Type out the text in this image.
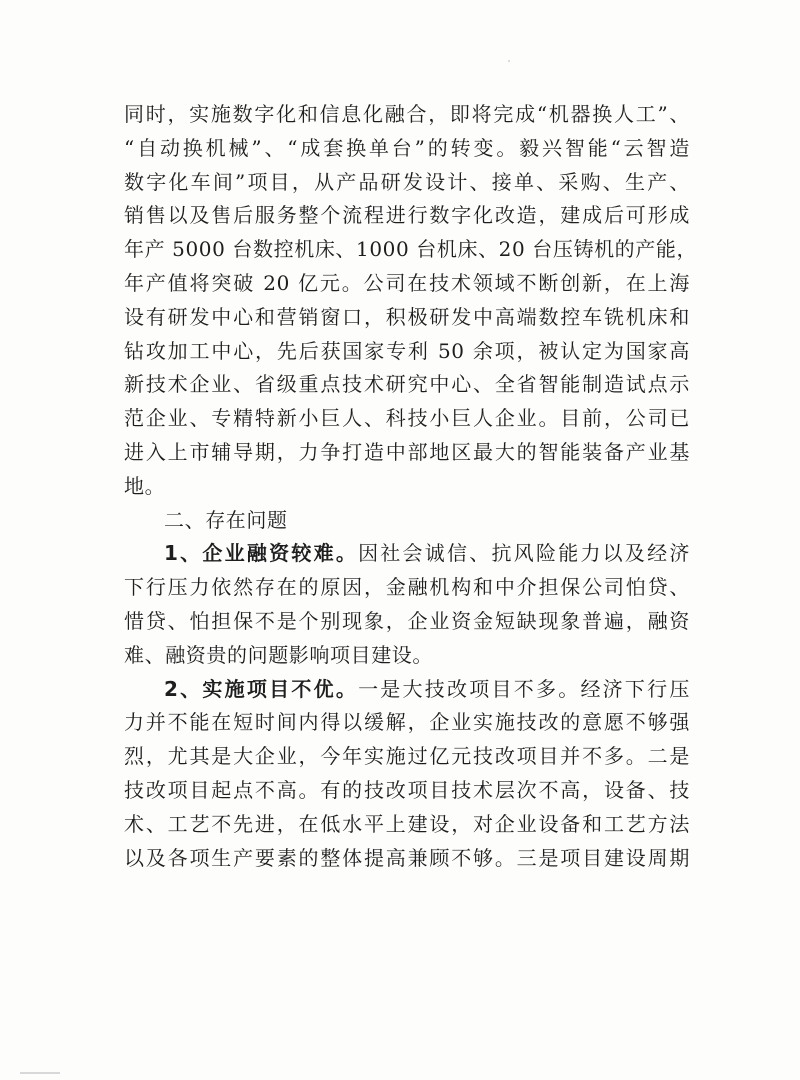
同时，实施数字化和信息化融合，即将完成“机器换人工”、
“自动换机械”、“成套换单台”的转变。毅兴智能“云智造
数字化车间”项目，从产品研发设计、接单、采购、生产、
销售以及售后服务整个流程进行数字化改造，建成后可形成
年产 5000 台数控机床、1000 台机床、20 台压铸机的产能，
年产值将突破 20 亿元。公司在技术领域不断创新，在上海
设有研发中心和营销窗口，积极研发中高端数控车铣机床和
钻攻加工中心，先后获国家专利 50 余项，被认定为国家高
新技术企业、省级重点技术研究中心、全省智能制造试点示
范企业、专精特新小巨人、科技小巨人企业。目前，公司已
进入上市辅导期，力争打造中部地区最大的智能装备产业基
地。
二、存在问题
1、企业融资较难。因社会诚信、抗风险能力以及经济
下行压力依然存在的原因，金融机构和中介担保公司怕贷、
惜贷、怕担保不是个别现象，企业资金短缺现象普遍，融资
难、融资贵的问题影响项目建设。
2、实施项目不优。一是大技改项目不多。经济下行压
力并不能在短时间内得以缓解，企业实施技改的意愿不够强
烈，尤其是大企业，今年实施过亿元技改项目并不多。二是
技改项目起点不高。有的技改项目技术层次不高，设备、技
术、工艺不先进，在低水平上建设，对企业设备和工艺方法
以及各项生产要素的整体提高兼顾不够。三是项目建设周期
